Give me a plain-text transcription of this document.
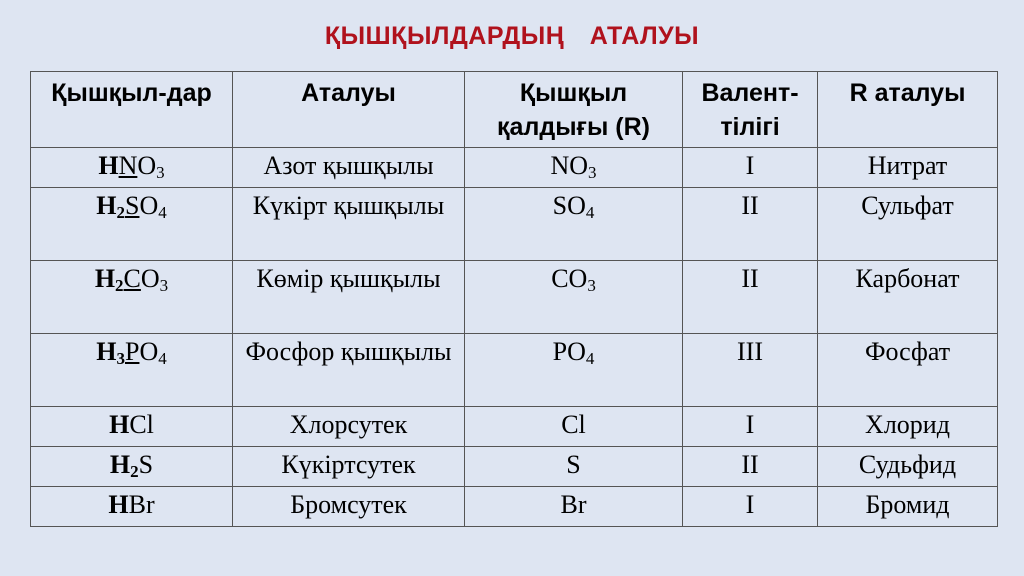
ҚЫШҚЫЛДАРДЫҢ АТАЛУЫ
Қышқыл-дар	Аталуы	Қышқыл қалдығы (R)	Валент-тілігі	R аталуы
$HNO_3$	Азот қышқылы	$NO_3$	I	Нитрат
$H_2SO_4$	Күкірт қышқылы	$SO_4$	II	Сульфат
$H_2CO_3$	Көмір қышқылы	$CO_3$	II	Карбонат
$H_3PO_4$	Фосфор қышқылы	$PO_4$	III	Фосфат
HCl	Хлорсутек	Cl	I	Хлорид
$H_2S$	Күкіртсутек	S	II	Судьфид
HBr	Бромсутек	Br	I	Бромид
